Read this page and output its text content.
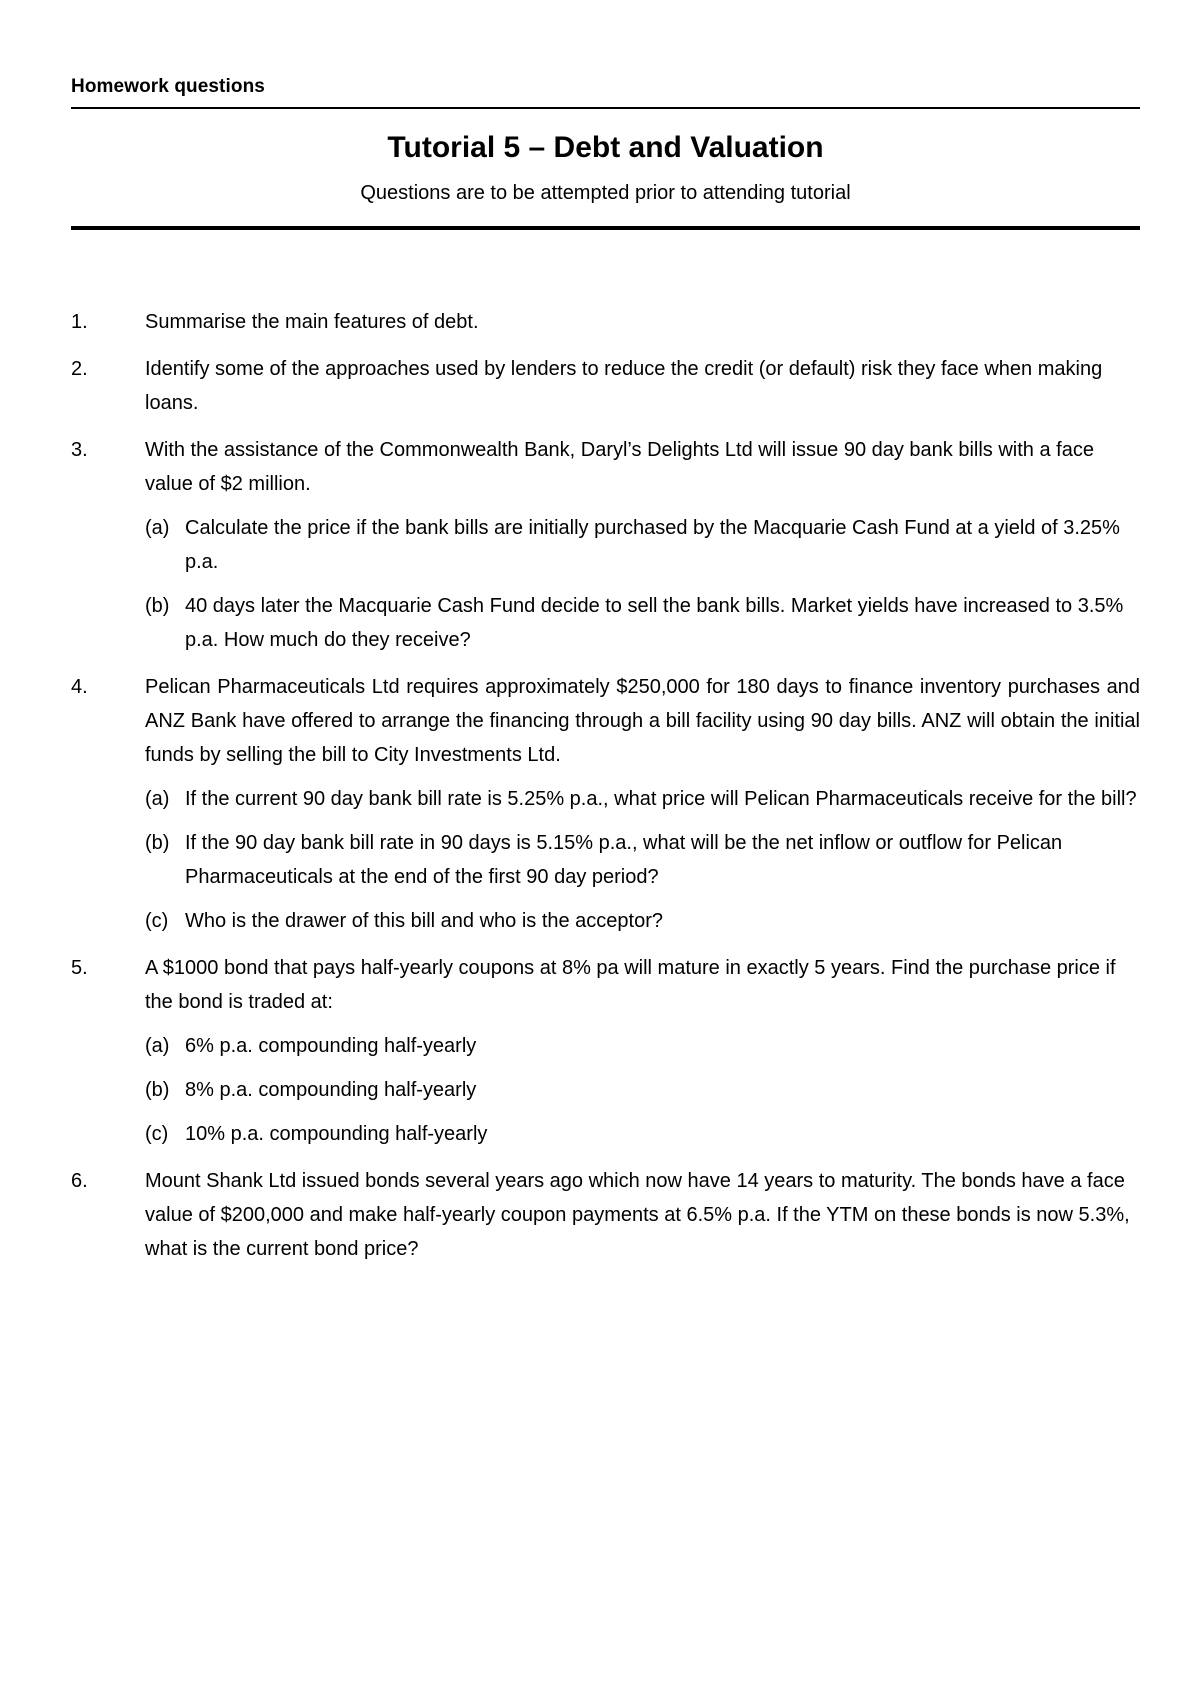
Homework questions
Tutorial 5 – Debt and Valuation
Questions are to be attempted prior to attending tutorial
1.	Summarise the main features of debt.

2.	Identify some of the approaches used by lenders to reduce the credit (or default) risk they face when making loans.

3.	With the assistance of the Commonwealth Bank, Daryl’s Delights Ltd will issue 90 day bank bills with a face value of $2 million.

(a) Calculate the price if the bank bills are initially purchased by the Macquarie Cash Fund at a yield of 3.25% p.a.
(b) 40 days later the Macquarie Cash Fund decide to sell the bank bills. Market yields have increased to 3.5% p.a. How much do they receive?
4.	Pelican Pharmaceuticals Ltd requires approximately $250,000 for 180 days to finance inventory purchases and ANZ Bank have offered to arrange the financing through a bill facility using 90 day bills. ANZ will obtain the initial funds by selling the bill to City Investments Ltd.

(a) If the current 90 day bank bill rate is 5.25% p.a., what price will Pelican Pharmaceuticals receive for the bill?
(b) If the 90 day bank bill rate in 90 days is 5.15% p.a., what will be the net inflow or outflow for Pelican Pharmaceuticals at the end of the first 90 day period?
(c) Who is the drawer of this bill and who is the acceptor?
5.	A $1000 bond that pays half-yearly coupons at 8% pa will mature in exactly 5 years. Find the purchase price if the bond is traded at:

(a) 6% p.a. compounding half-yearly
(b) 8% p.a. compounding half-yearly
(c) 10% p.a. compounding half-yearly
6.	Mount Shank Ltd issued bonds several years ago which now have 14 years to maturity. The bonds have a face value of $200,000 and make half-yearly coupon payments at 6.5% p.a. If the YTM on these bonds is now 5.3%, what is the current bond price?
